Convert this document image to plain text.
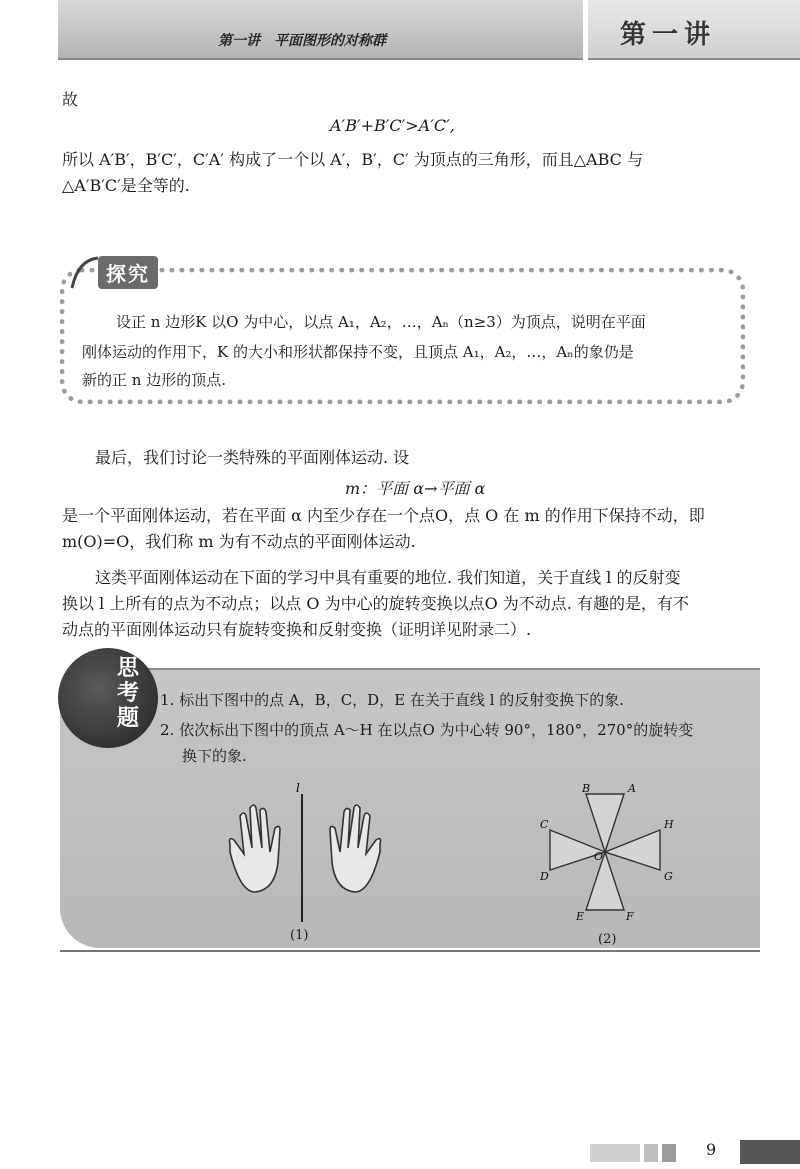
第一讲　平面图形的对称群	第一讲
故
A′B′+B′C′>A′C′,
所以 A′B′，B′C′，C′A′ 构成了一个以 A′，B′，C′ 为顶点的三角形，而且△ABC 与
△A′B′C′是全等的.
探究
设正 n 边形K 以O 为中心，以点 A₁，A₂，…，Aₙ（n≥3）为顶点，说明在平面
刚体运动的作用下，K 的大小和形状都保持不变，且顶点 A₁，A₂，…，Aₙ的象仍是
新的正 n 边形的顶点.
最后，我们讨论一类特殊的平面刚体运动. 设
m：平面 α→平面 α
是一个平面刚体运动，若在平面 α 内至少存在一个点O，点 O 在 m 的作用下保持不动，即
m(O)=O，我们称 m 为有不动点的平面刚体运动.
这类平面刚体运动在下面的学习中具有重要的地位. 我们知道，关于直线 l 的反射变
换以 l 上所有的点为不动点；以点 O 为中心的旋转变换以点O 为不动点. 有趣的是，有不
动点的平面刚体运动只有旋转变换和反射变换（证明详见附录二）.
思
考
题
1. 标出下图中的点 A，B，C，D，E 在关于直线 l 的反射变换下的象.
2. 依次标出下图中的顶点 A～H 在以点O 为中心转 90°，180°，270°的旋转变
换下的象.
l
(1)
A
B
C
D
E	F
G
H
O
(2)
9
